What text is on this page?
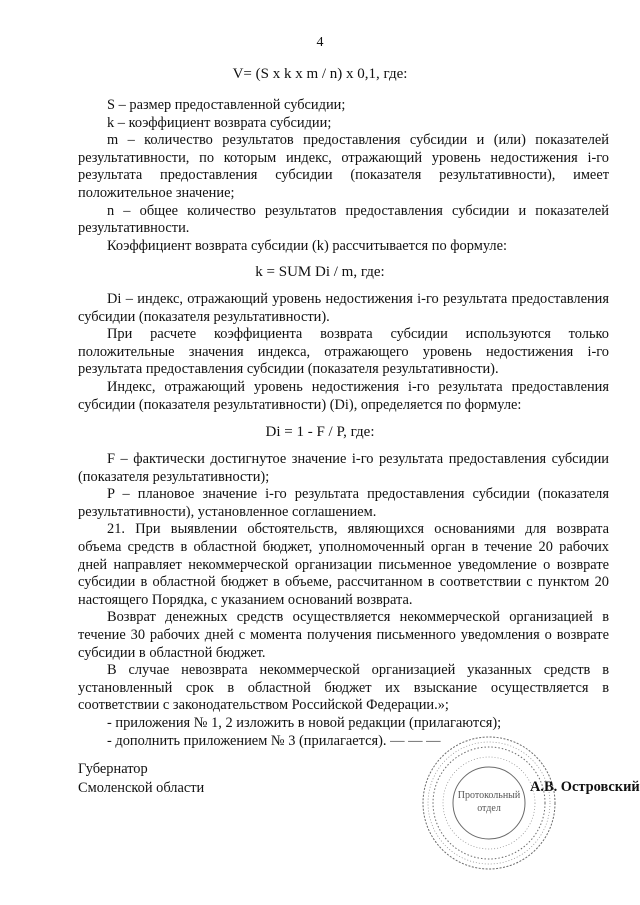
4
V= (S x k x m / n) x 0,1, где:

S – размер предоставленной субсидии;

k – коэффициент возврата субсидии;

m – количество результатов предоставления субсидии и (или) показателей результативности, по которым индекс, отражающий уровень недостижения i-го результата предоставления субсидии (показателя результативности), имеет положительное значение;

n – общее количество результатов предоставления субсидии и показателей результативности.

Коэффициент возврата субсидии (k) рассчитывается по формуле:

k = SUM Di / m, где:

Di – индекс, отражающий уровень недостижения i-го результата предоставления субсидии (показателя результативности).

При расчете коэффициента возврата субсидии используются только положительные значения индекса, отражающего уровень недостижения i-го результата предоставления субсидии (показателя результативности).

Индекс, отражающий уровень недостижения i-го результата предоставления субсидии (показателя результативности) (Di), определяется по формуле:

Di = 1 - F / P, где:

F – фактически достигнутое значение i-го результата предоставления субсидии (показателя результативности);

P – плановое значение i-го результата предоставления субсидии (показателя результативности), установленное соглашением.

21. При выявлении обстоятельств, являющихся основаниями для возврата объема средств в областной бюджет, уполномоченный орган в течение 20 рабочих дней направляет некоммерческой организации письменное уведомление о возврате субсидии в областной бюджет в объеме, рассчитанном в соответствии с пунктом 20 настоящего Порядка, с указанием оснований возврата.

Возврат денежных средств осуществляется некоммерческой организацией в течение 30 рабочих дней с момента получения письменного уведомления о возврате субсидии в областной бюджет.

В случае невозврата некоммерческой организацией указанных средств в установленный срок в областной бюджет их взыскание осуществляется в соответствии с законодательством Российской Федерации.»;

- приложения № 1, 2 изложить в новой редакции (прилагаются);

- дополнить приложением № 3 (прилагается). — — —

Губернатор
Смоленской области	Протокольный
отдел
А.В. Островский
